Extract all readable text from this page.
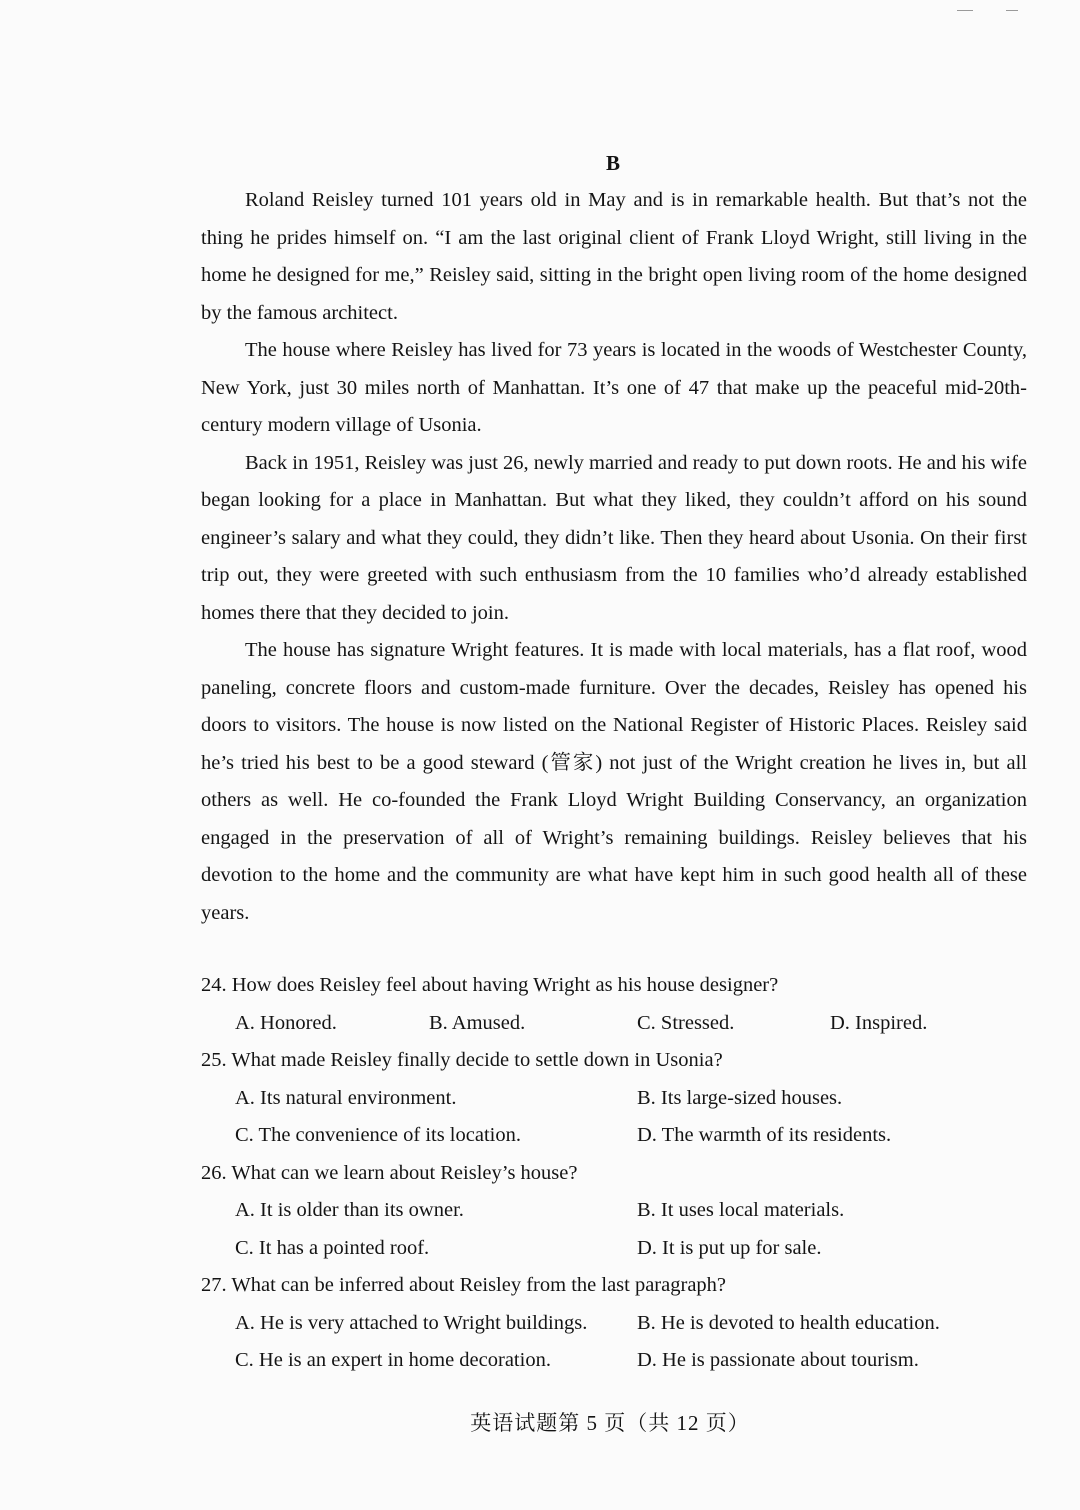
B

Roland Reisley turned 101 years old in May and is in remarkable health. But that’s not the thing he prides himself on. “I am the last original client of Frank Lloyd Wright, still living in the home he designed for me,” Reisley said, sitting in the bright open living room of the home designed by the famous architect.

The house where Reisley has lived for 73 years is located in the woods of Westchester County, New York, just 30 miles north of Manhattan. It’s one of 47 that make up the peaceful mid-20th-century modern village of Usonia.

Back in 1951, Reisley was just 26, newly married and ready to put down roots. He and his wife began looking for a place in Manhattan. But what they liked, they couldn’t afford on his sound engineer’s salary and what they could, they didn’t like. Then they heard about Usonia. On their first trip out, they were greeted with such enthusiasm from the 10 families who’d already established homes there that they decided to join.

The house has signature Wright features. It is made with local materials, has a flat roof, wood paneling, concrete floors and custom-made furniture. Over the decades, Reisley has opened his doors to visitors. The house is now listed on the National Register of Historic Places. Reisley said he’s tried his best to be a good steward (管家) not just of the Wright creation he lives in, but all others as well. He co-founded the Frank Lloyd Wright Building Conservancy, an organization engaged in the preservation of all of Wright’s remaining buildings. Reisley believes that his devotion to the home and the community are what have kept him in such good health all of these years.

24. How does Reisley feel about having Wright as his house designer?

A. Honored.	B. Amused.	C. Stressed.	D. Inspired.

25. What made Reisley finally decide to settle down in Usonia?

A. Its natural environment.	B. Its large-sized houses.
C. The convenience of its location.	D. The warmth of its residents.

26. What can we learn about Reisley’s house?

A. It is older than its owner.	B. It uses local materials.
C. It has a pointed roof.	D. It is put up for sale.

27. What can be inferred about Reisley from the last paragraph?

A. He is very attached to Wright buildings. B. He is devoted to health education.
C. He is an expert in home decoration.	D. He is passionate about tourism.
英语试题第 5 页（共 12 页）
